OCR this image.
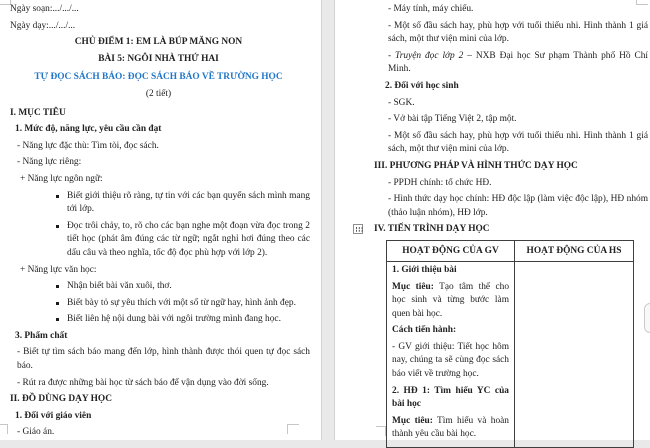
Ngày soạn:.../.../...

Ngày dạy:.../.../...

CHỦ ĐIỂM 1: EM LÀ BÚP MĂNG NON

BÀI 5: NGÔI NHÀ THỨ HAI

TỰ ĐỌC SÁCH BÁO: ĐỌC SÁCH BÁO VỀ TRƯỜNG HỌC

(2 tiết)

I. MỤC TIÊU

1. Mức độ, năng lực, yêu cầu cần đạt

- Năng lực đặc thù: Tìm tòi, đọc sách.

- Năng lực riêng:

+ Năng lực ngôn ngữ:

Biết giới thiệu rõ ràng, tự tin với các bạn quyển sách mình mang tới lớp.

Đọc trôi chảy, to, rõ cho các bạn nghe một đoạn vừa đọc trong 2 tiết học (phát âm đúng các từ ngữ; ngắt nghỉ hơi đúng theo các dấu câu và theo nghĩa, tốc độ đọc phù hợp với lớp 2).

+ Năng lực văn học:

Nhận biết bài văn xuôi, thơ.

Biết bày tỏ sự yêu thích với một số từ ngữ hay, hình ảnh đẹp.

Biết liên hệ nội dung bài với ngôi trường mình đang học.

3. Phẩm chất

- Biết tự tìm sách báo mang đến lớp, hình thành được thói quen tự đọc sách báo.

- Rút ra được những bài học từ sách báo để vận dụng vào đời sống.

II. ĐỒ DÙNG DẠY HỌC

1. Đối với giáo viên

- Giáo án.

- Máy tính, máy chiếu.

- Một số đầu sách hay, phù hợp với tuổi thiếu nhi. Hình thành 1 giá sách, một thư viện mini của lớp.

- Truyện đọc lớp 2 – NXB Đại học Sư phạm Thành phố Hồ Chí Minh.

2. Đối với học sinh

- SGK.

- Vở bài tập Tiếng Việt 2, tập một.

- Một số đầu sách hay, phù hợp với tuổi thiếu nhi. Hình thành 1 giá sách, một thư viện mini của lớp.

III. PHƯƠNG PHÁP VÀ HÌNH THỨC DẠY HỌC

- PPDH chính: tổ chức HĐ.

- Hình thức dạy học chính: HĐ độc lập (làm việc độc lập), HĐ nhóm (thảo luận nhóm), HĐ lớp.

IV. TIẾN TRÌNH DẠY HỌC

HOẠT ĐỘNG CỦA GV	HOẠT ĐỘNG CỦA HS

1. Giới thiệu bài

Mục tiêu: Tạo tâm thế cho học sinh và từng bước làm quen bài học.

Cách tiến hành:

- GV giới thiệu: Tiết học hôm nay, chúng ta sẽ cùng đọc sách báo viết về trường học.

2. HĐ 1: Tìm hiểu YC của bài học

Mục tiêu: Tìm hiểu và hoàn thành yêu cầu bài học.
